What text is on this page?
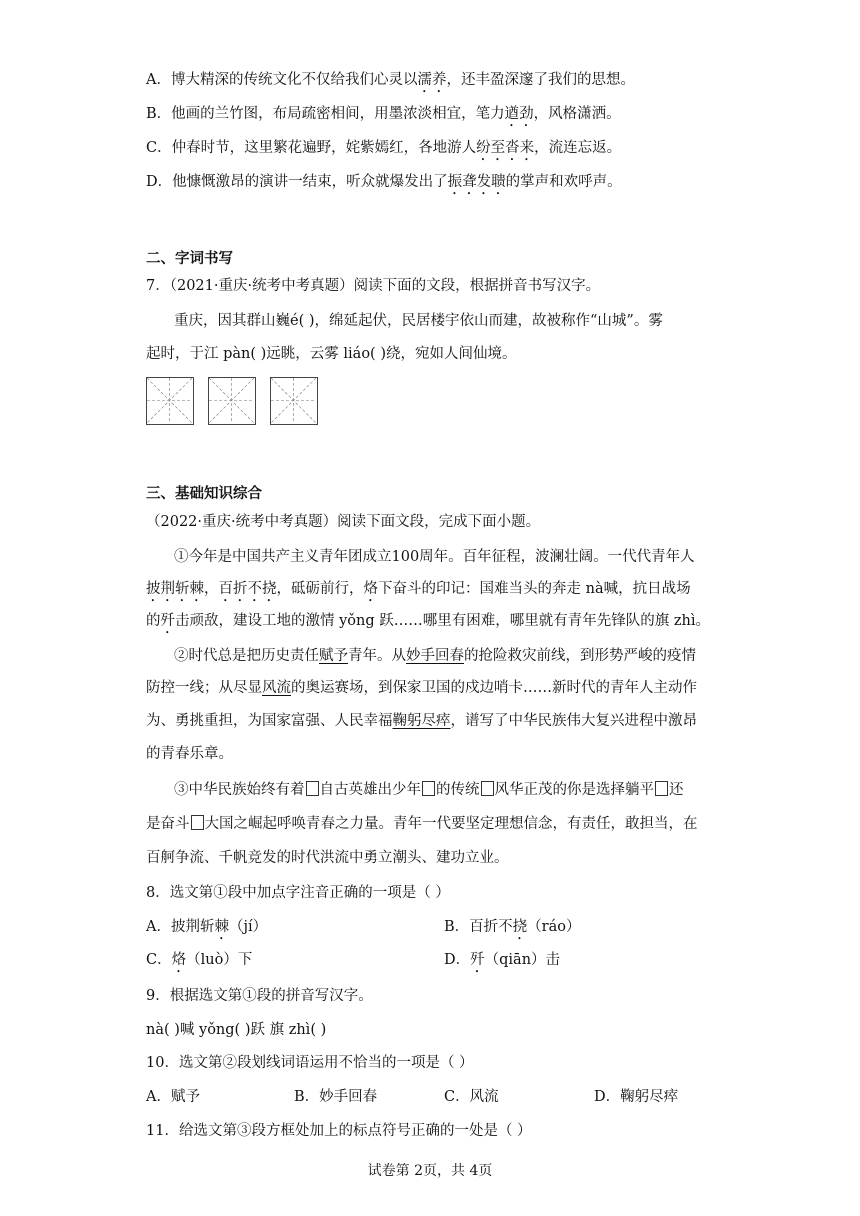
A．博大精深的传统文化不仅给我们心灵以濡养，还丰盈深邃了我们的思想。
B．他画的兰竹图，布局疏密相间，用墨浓淡相宜，笔力遒劲，风格潇洒。
C．仲春时节，这里繁花遍野，姹紫嫣红，各地游人纷至沓来，流连忘返。
D．他慷慨激昂的演讲一结束，听众就爆发出了振聋发聩的掌声和欢呼声。
二、字词书写
7．（2021·重庆·统考中考真题）阅读下面的文段，根据拼音书写汉字。
重庆，因其群山巍é( )，绵延起伏，民居楼宇依山而建，故被称作“山城”。雾
起时，于江 pàn( )远眺，云雾 liáo( )绕，宛如人间仙境。
三、基础知识综合
（2022·重庆·统考中考真题）阅读下面文段，完成下面小题。
①今年是中国共产主义青年团成立100周年。百年征程，波澜壮阔。一代代青年人
披荆斩棘，百折不挠，砥砺前行，烙下奋斗的印记：国难当头的奔走 nà喊，抗日战场
的歼击顽敌，建设工地的激情 yǒng 跃……哪里有困难，哪里就有青年先锋队的旗 zhì。
②时代总是把历史责任赋予青年。从妙手回春的抢险救灾前线，到形势严峻的疫情
防控一线；从尽显风流的奥运赛场，到保家卫国的戍边哨卡……新时代的青年人主动作
为、勇挑重担，为国家富强、人民幸福鞠躬尽瘁，谱写了中华民族伟大复兴进程中激昂
的青春乐章。
③中华民族始终有着 自古英雄出少年 的传统 风华正茂的你是选择躺平 还
是奋斗 大国之崛起呼唤青春之力量。青年一代要坚定理想信念，有责任，敢担当，在
百舸争流、千帆竞发的时代洪流中勇立潮头、建功立业。
8．选文第①段中加点字注音正确的一项是（ ）
A．披荆斩棘（jí）	B．百折不挠（ráo）
C．烙（luò）下	D．歼（qiān）击
9．根据选文第①段的拼音写汉字。
nà( )喊 yǒng( )跃 旗 zhì( )
10．选文第②段划线词语运用不恰当的一项是（ ）
A．赋予	B．妙手回春	C．风流	D．鞠躬尽瘁
11．给选文第③段方框处加上的标点符号正确的一处是（ ）
试卷第 2页，共 4页
